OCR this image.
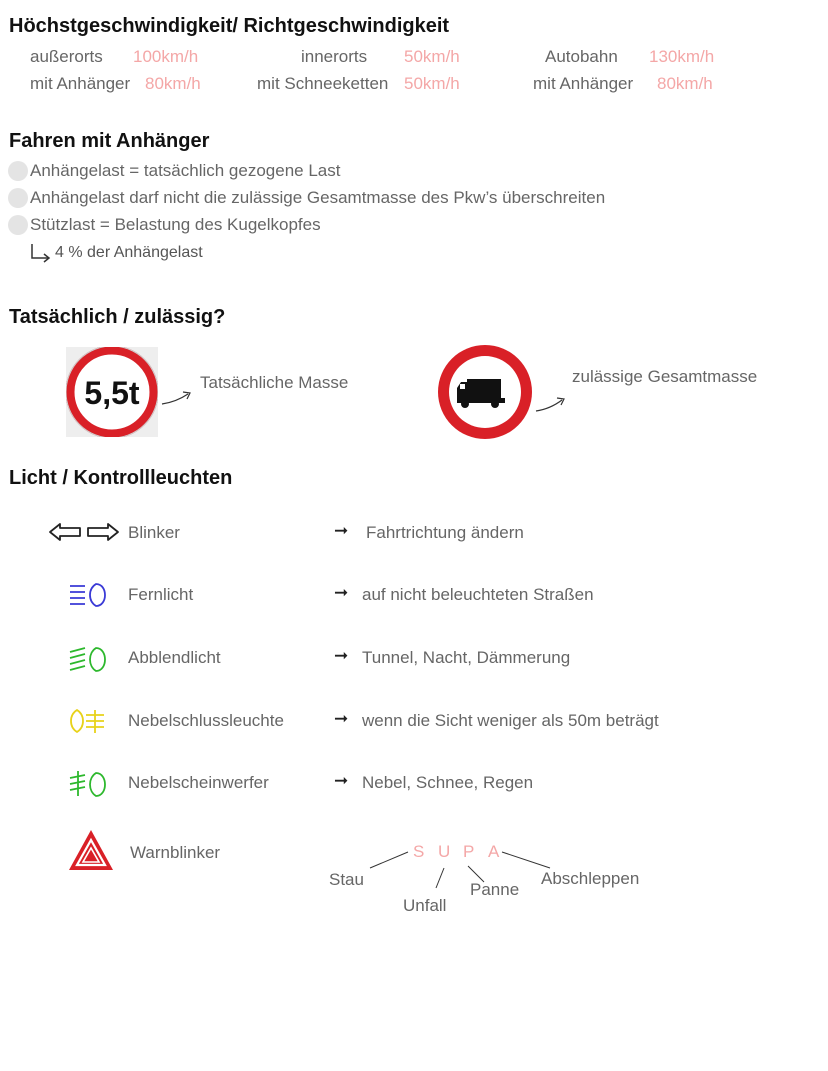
Höchstgeschwindigkeit/ Richtgeschwindigkeit
außerorts 100km/h	innerorts 50km/h	Autobahn 130km/h
mit Anhänger 80km/h	mit Schneeketten 50km/h	mit Anhänger 80km/h
Fahren mit Anhänger
Anhängelast = tatsächlich gezogene Last
Anhängelast darf nicht die zulässige Gesamtmasse des Pkw’s überschreiten
Stützlast = Belastung des Kugelkopfes
4 % der Anhängelast
Tatsächlich / zulässig?
5,5t	Tatsächliche Masse	zulässige Gesamtmasse
Licht / Kontrollleuchten
Blinker	➞ Fahrtrichtung ändern
Fernlicht	➞ auf nicht beleuchteten Straßen
Abblendlicht	➞ Tunnel, Nacht, Dämmerung
Nebelschlussleuchte	➞ wenn die Sicht weniger als 50m beträgt
Nebelscheinwerfer	➞ Nebel, Schnee, Regen
Warnblinker	S U P A
Stau
Unfall
Panne
Abschleppen
